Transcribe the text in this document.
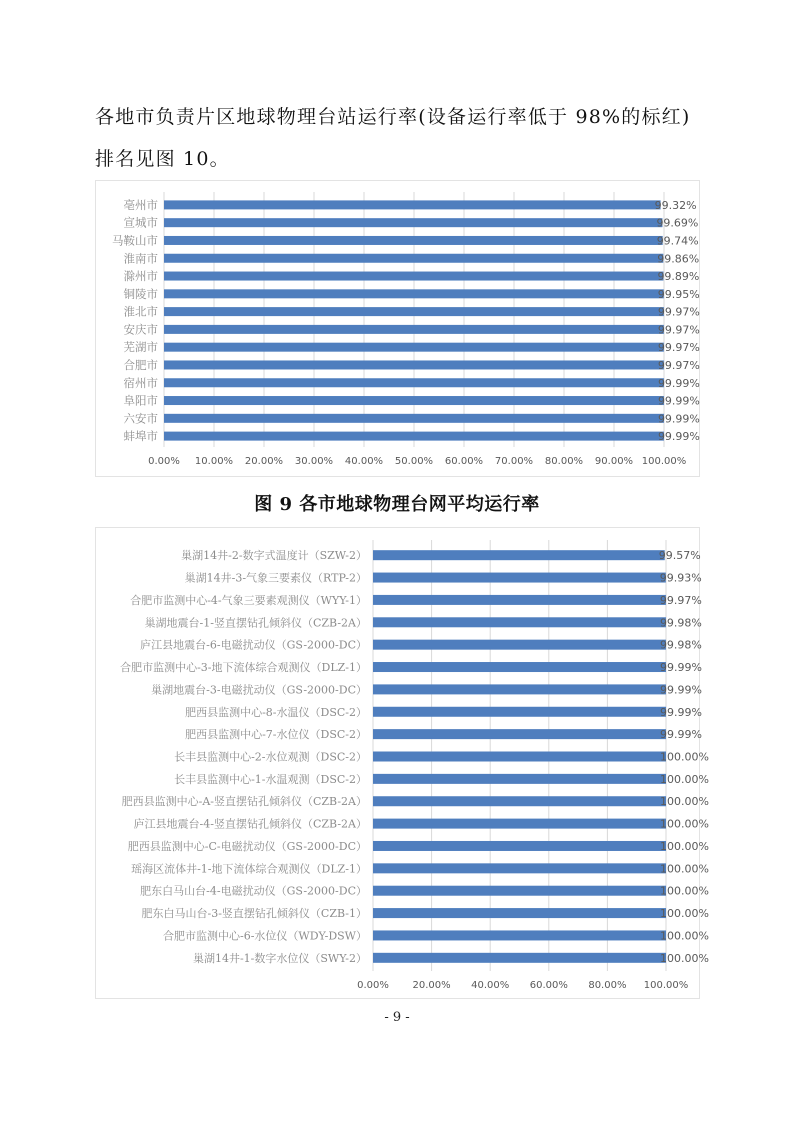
各地市负责片区地球物理台站运行率(设备运行率低于 98%的标红)
排名见图 10。
亳州市	99.32%
宣城市	99.69%
马鞍山市	99.74%
淮南市	99.86%
滁州市	99.89%
铜陵市	99.95%
淮北市	99.97%
安庆市	99.97%
芜湖市	99.97%
合肥市	99.97%
宿州市	99.99%
阜阳市	99.99%
六安市	99.99%
蚌埠市	99.99%
0.00% 10.00% 20.00% 30.00% 40.00% 50.00% 60.00% 70.00% 80.00% 90.00% 100.00%
图 9 各市地球物理台网平均运行率
巢湖14井-2-数字式温度计（SZW-2）	99.57%
巢湖14井-3-气象三要素仪（RTP-2）	99.93%
合肥市监测中心-4-气象三要素观测仪（WYY-1）	99.97%
巢湖地震台-1-竖直摆钻孔倾斜仪（CZB-2A）	99.98%
庐江县地震台-6-电磁扰动仪（GS-2000-DC）	99.98%
合肥市监测中心-3-地下流体综合观测仪（DLZ-1）	99.99%
巢湖地震台-3-电磁扰动仪（GS-2000-DC）	99.99%
肥西县监测中心-8-水温仪（DSC-2）	99.99%
肥西县监测中心-7-水位仪（DSC-2）	99.99%
长丰县监测中心-2-水位观测（DSC-2）	100.00%
长丰县监测中心-1-水温观测（DSC-2）	100.00%
肥西县监测中心-A-竖直摆钻孔倾斜仪（CZB-2A）	100.00%
庐江县地震台-4-竖直摆钻孔倾斜仪（CZB-2A）	100.00%
肥西县监测中心-C-电磁扰动仪（GS-2000-DC）	100.00%
瑶海区流体井-1-地下流体综合观测仪（DLZ-1）	100.00%
肥东白马山台-4-电磁扰动仪（GS-2000-DC）	100.00%
肥东白马山台-3-竖直摆钻孔倾斜仪（CZB-1）	100.00%
合肥市监测中心-6-水位仪（WDY-DSW）	100.00%
巢湖14井-1-数字水位仪（SWY-2）	100.00%
0.00% 20.00% 40.00% 60.00% 80.00% 100.00%
- 9 -
